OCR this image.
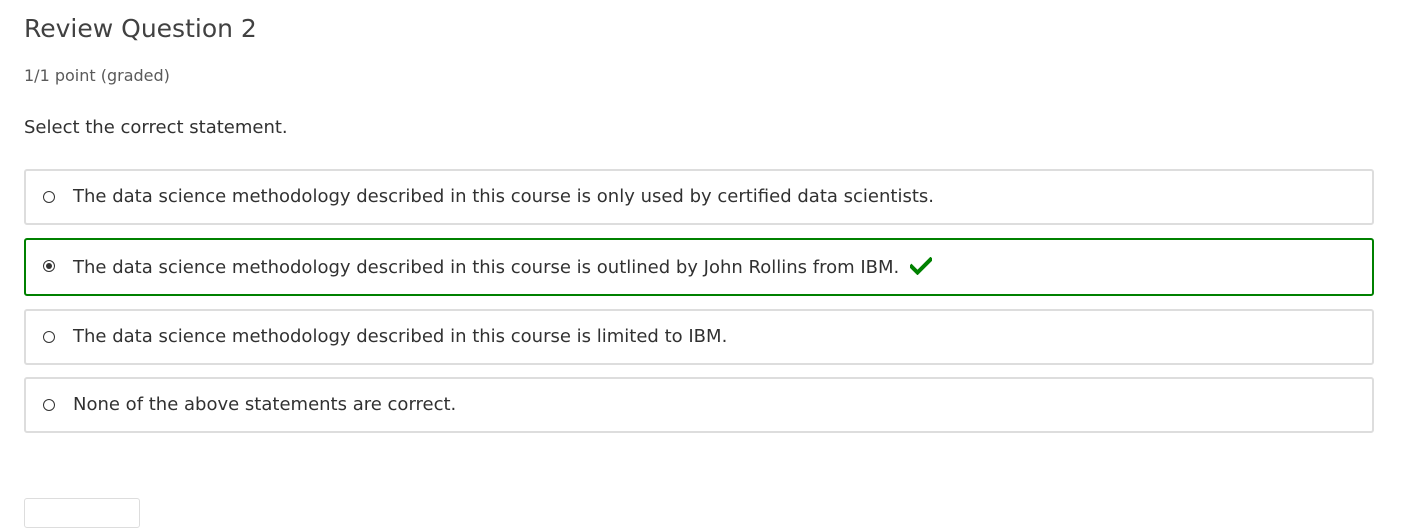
Review Question 2
1/1 point (graded)
Select the correct statement.
The data science methodology described in this course is only used by certified data scientists.
The data science methodology described in this course is outlined by John Rollins from IBM.
The data science methodology described in this course is limited to IBM.
None of the above statements are correct.
